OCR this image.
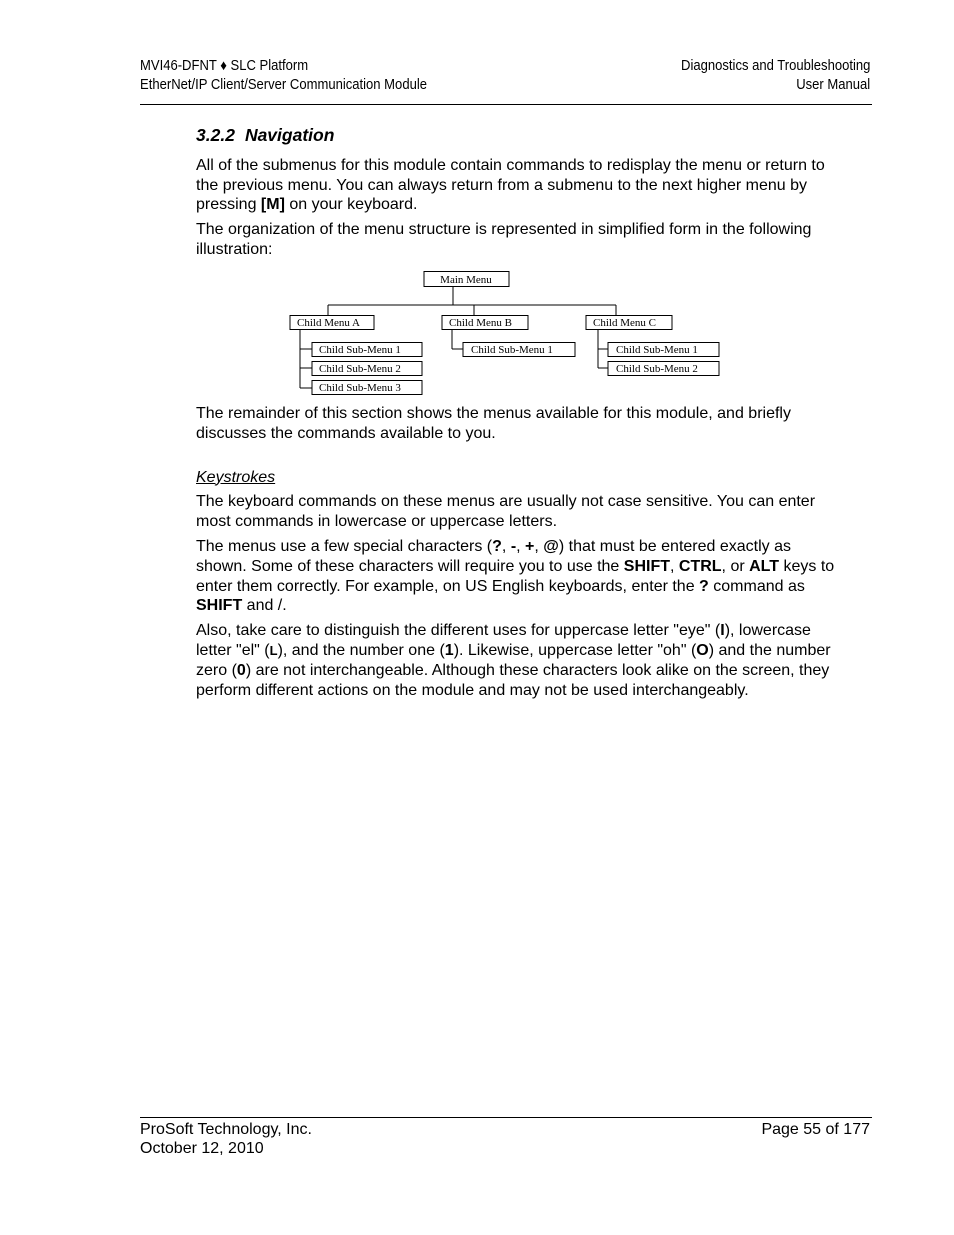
MVI46-DFNT ♦ SLC Platform
EtherNet/IP Client/Server Communication Module
Diagnostics and Troubleshooting
User Manual
3.2.2 Navigation

All of the submenus for this module contain commands to redisplay the menu or return to the previous menu. You can always return from a submenu to the next higher menu by pressing [M] on your keyboard.

The organization of the menu structure is represented in simplified form in the following illustration:

Main Menu
Child Menu A	Child Menu B	Child Menu C
Child Sub-Menu 1
Child Sub-Menu 2
Child Sub-Menu 3
Child Sub-Menu 1	Child Sub-Menu 1
Child Sub-Menu 2

The remainder of this section shows the menus available for this module, and briefly discusses the commands available to you.

Keystrokes

The keyboard commands on these menus are usually not case sensitive. You can enter most commands in lowercase or uppercase letters.

The menus use a few special characters (?, -, +, @) that must be entered exactly as shown. Some of these characters will require you to use the SHIFT, CTRL, or ALT keys to enter them correctly. For example, on US English keyboards, enter the ? command as SHIFT and /.

Also, take care to distinguish the different uses for uppercase letter "eye" (I), lowercase letter "el" (L), and the number one (1). Likewise, uppercase letter "oh" (O) and the number zero (0) are not interchangeable. Although these characters look alike on the screen, they perform different actions on the module and may not be used interchangeably.

ProSoft Technology, Inc.
October 12, 2010
Page 55 of 177
